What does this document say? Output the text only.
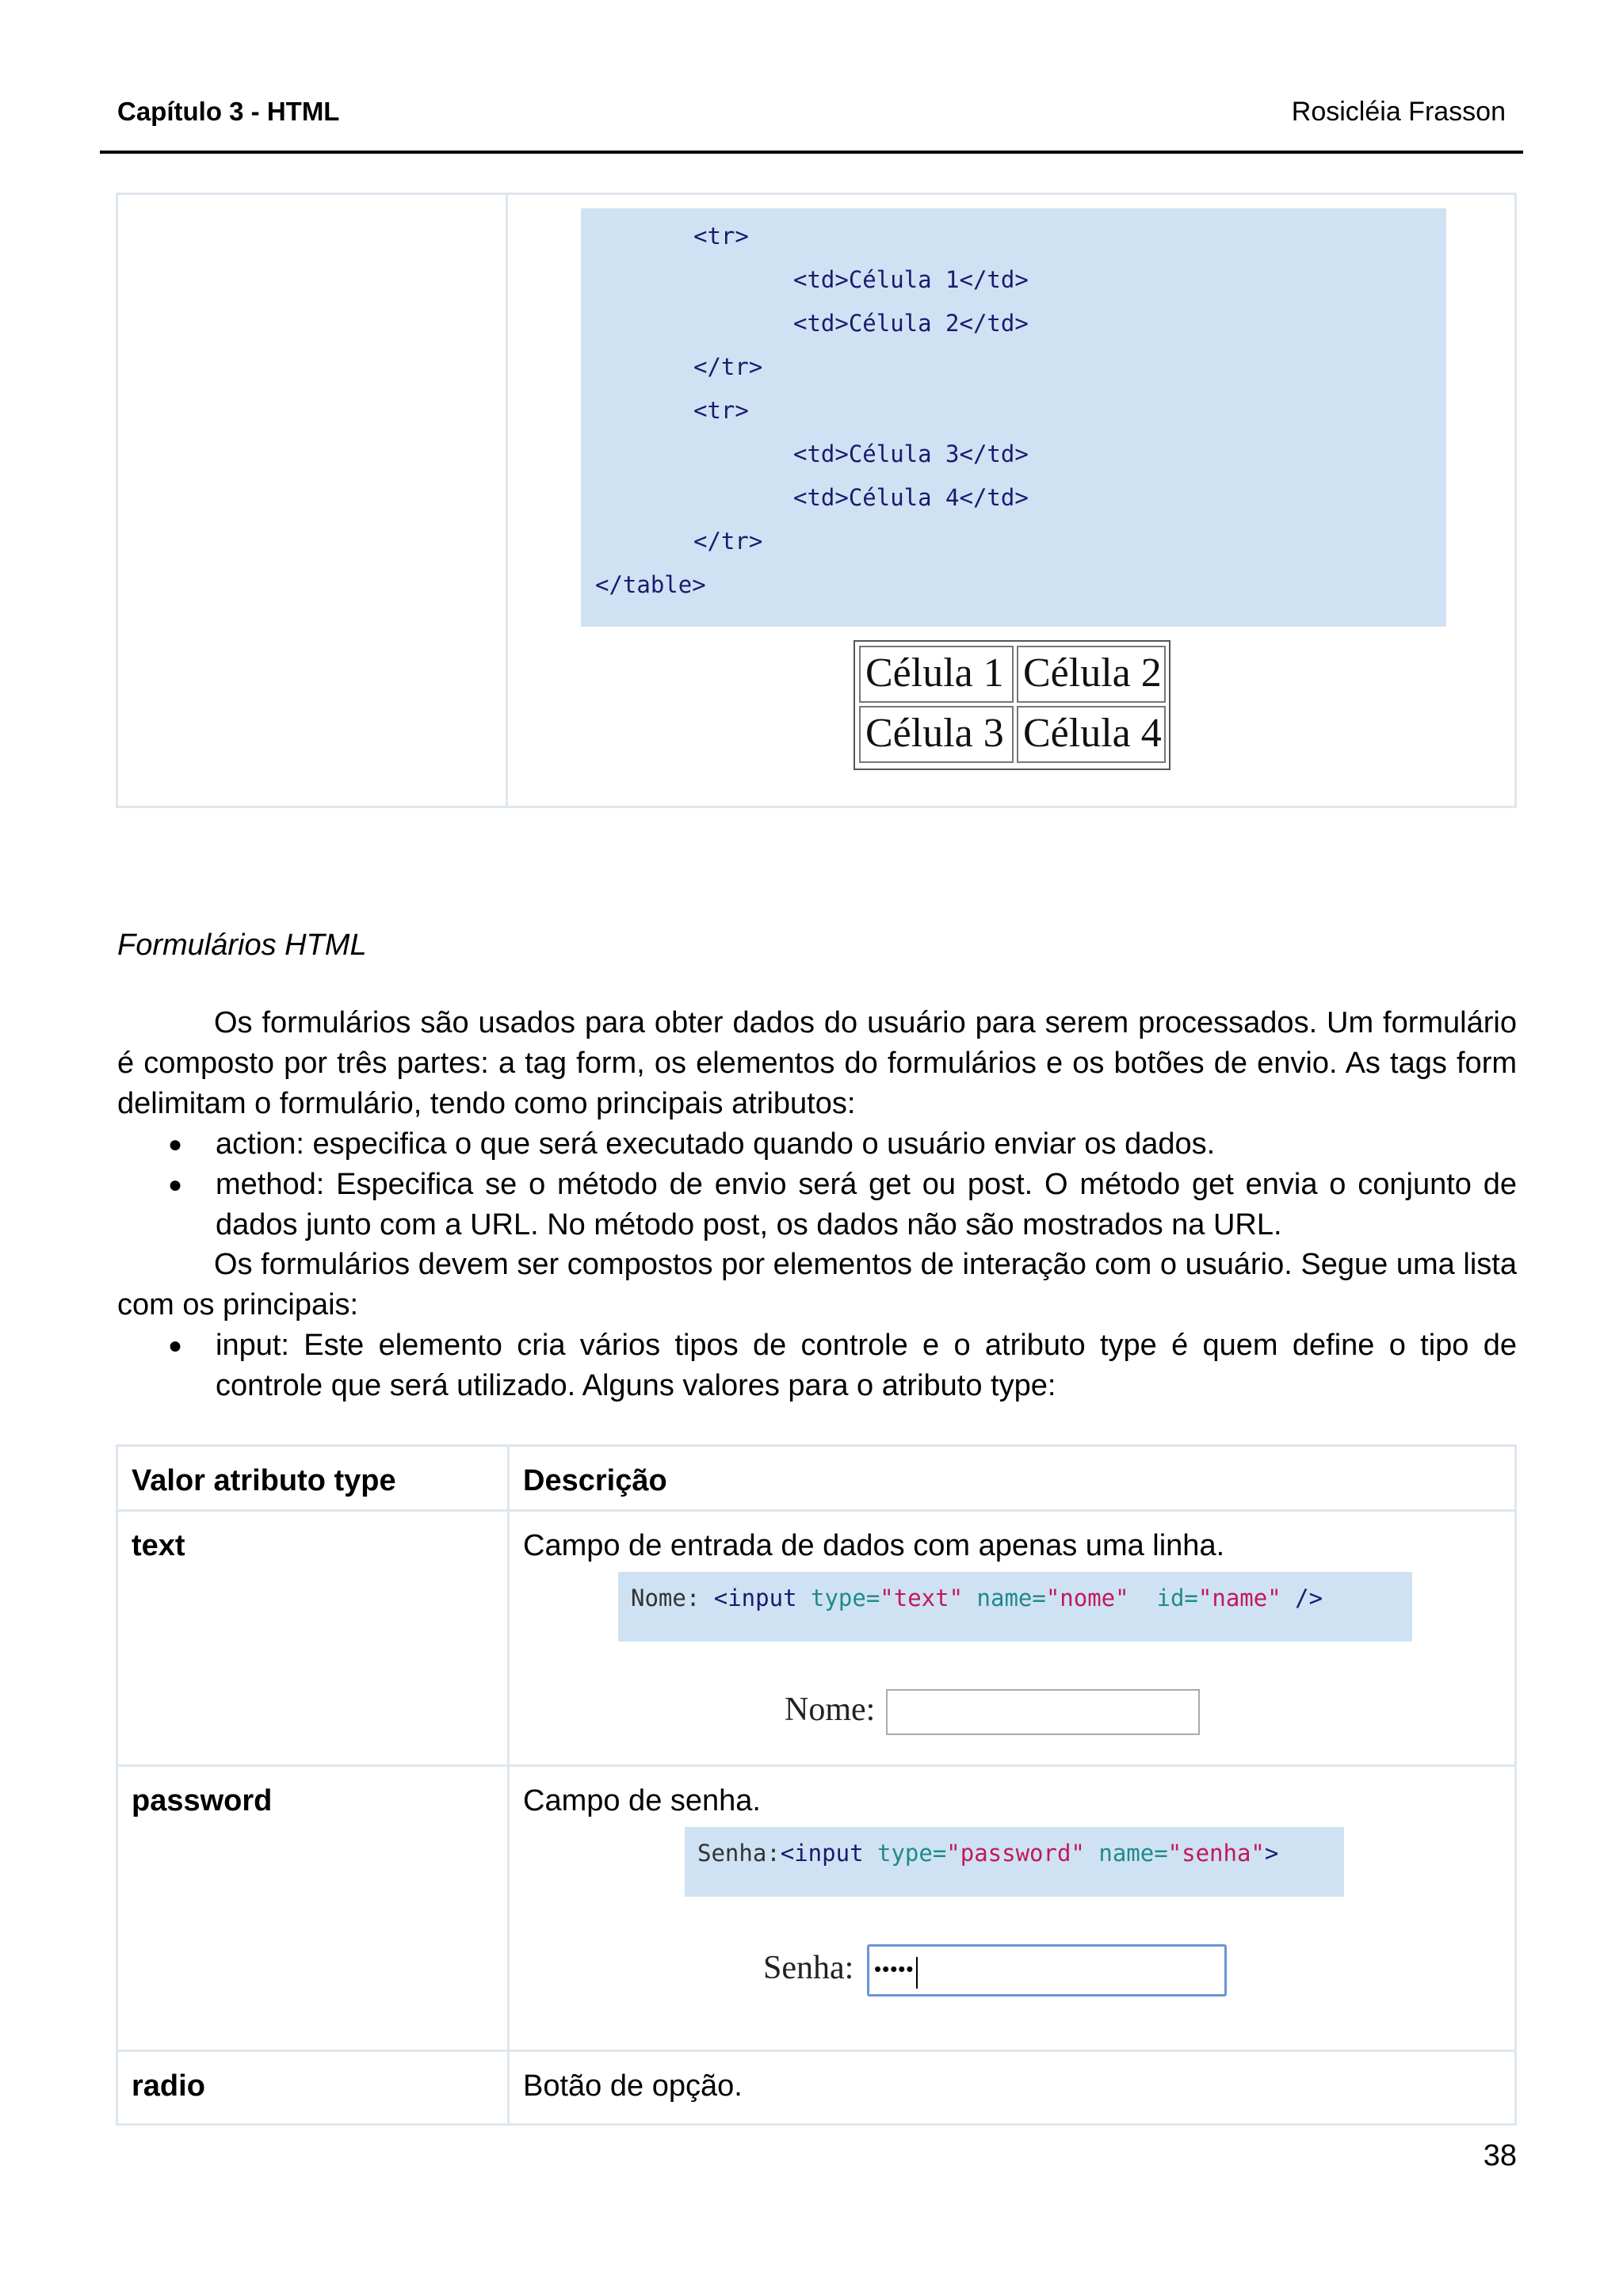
Capítulo 3 - HTML	Rosicléia Frasson
<tr>
<td>Célula 1</td>
<td>Célula 2</td>
</tr>
<tr>
<td>Célula 3</td>
<td>Célula 4</td>
</tr>
</table>
Célula 1 Célula 2
Célula 3 Célula 4
Formulários HTML
Os formulários são usados para obter dados do usuário para serem processados. Um formulário é composto por três partes: a tag form, os elementos do formulários e os botões de envio. As tags form delimitam o formulário, tendo como principais atributos:
● action: especifica o que será executado quando o usuário enviar os dados.
● method: Especifica se o método de envio será get ou post. O método get envia o conjunto de dados junto com a URL. No método post, os dados não são mostrados na URL.
Os formulários devem ser compostos por elementos de interação com o usuário. Segue uma lista com os principais:
● input: Este elemento cria vários tipos de controle e o atributo type é quem define o tipo de controle que será utilizado. Alguns valores para o atributo type:
Valor atributo type	Descrição
text	Campo de entrada de dados com apenas uma linha.
Nome: <input type="text" name="nome"  id="name" />
Nome:
password	Campo de senha.
Senha:<input type="password" name="senha">
Senha: •••••
radio	Botão de opção.
38
